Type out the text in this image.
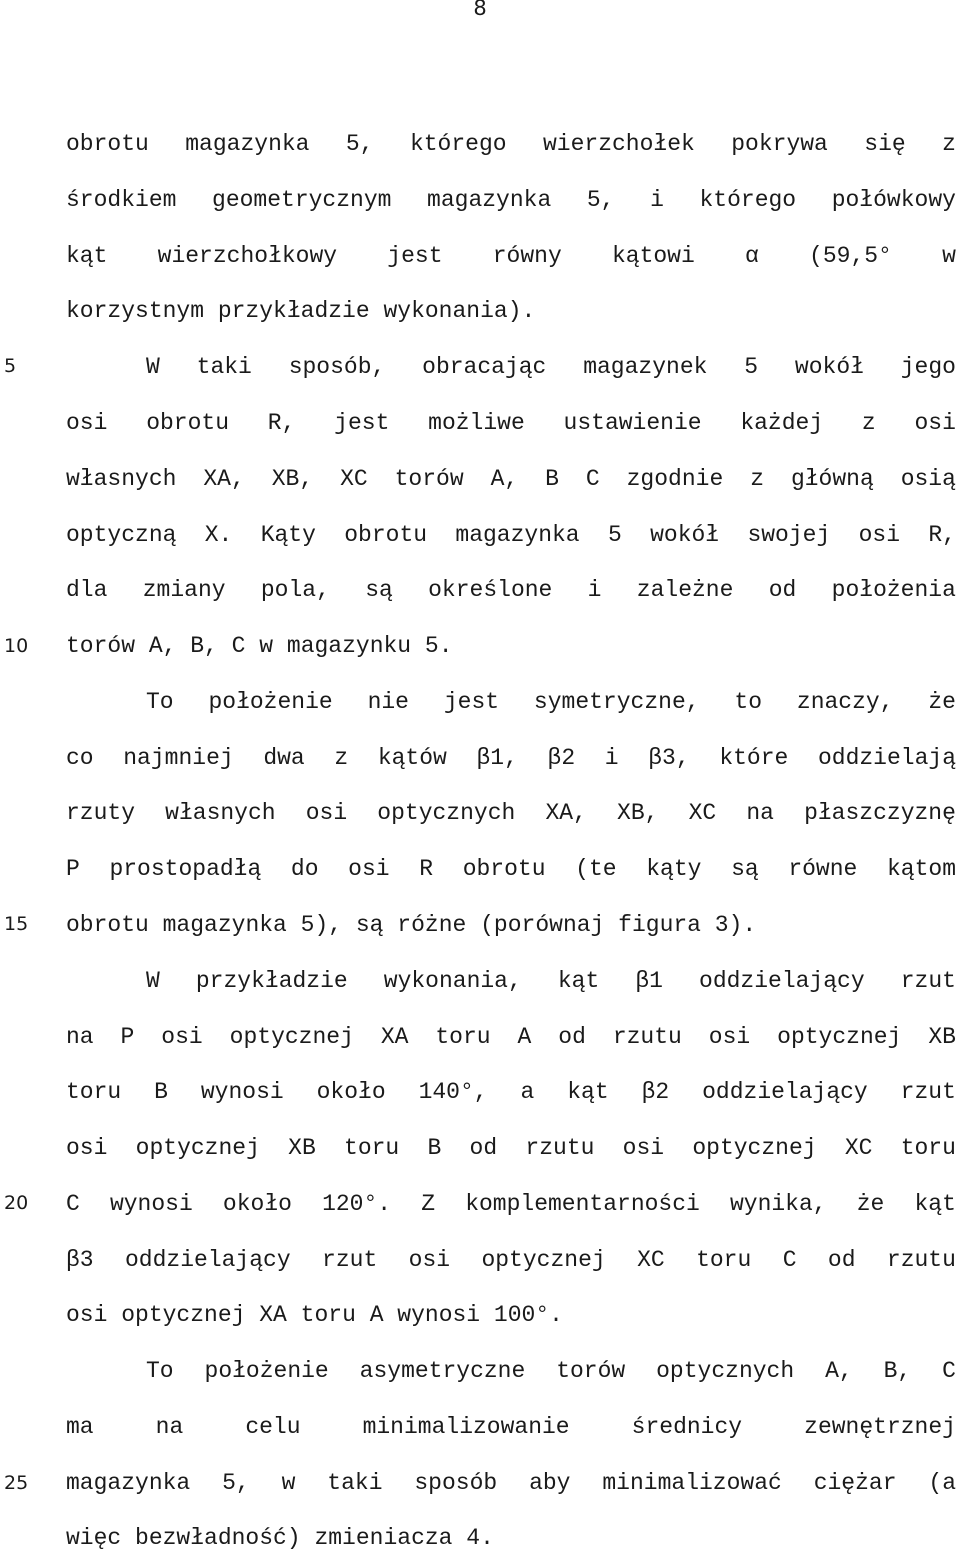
8
5
10
15
20
25
obrotu magazynka 5, którego wierzchołek pokrywa się z
środkiem geometrycznym magazynka 5, i którego połówkowy
kąt wierzchołkowy jest równy kątowi α (59,5° w
korzystnym przykładzie wykonania).
W taki sposób, obracając magazynek 5 wokół jego
osi obrotu R, jest możliwe ustawienie każdej z osi
własnych XA, XB, XC torów A, B C zgodnie z główną osią
optyczną X. Kąty obrotu magazynka 5 wokół swojej osi R,
dla zmiany pola, są określone i zależne od położenia
torów A, B, C w magazynku 5.
To położenie nie jest symetryczne, to znaczy, że
co najmniej dwa z kątów β1, β2 i β3, które oddzielają
rzuty własnych osi optycznych XA, XB, XC na płaszczyznę
P prostopadłą do osi R obrotu (te kąty są równe kątom
obrotu magazynka 5), są różne (porównaj figura 3).
W przykładzie wykonania, kąt β1 oddzielający rzut
na P osi optycznej XA toru A od rzutu osi optycznej XB
toru B wynosi około 140°, a kąt β2 oddzielający rzut
osi optycznej XB toru B od rzutu osi optycznej XC toru
C wynosi około 120°. Z komplementarności wynika, że kąt
β3 oddzielający rzut osi optycznej XC toru C od rzutu
osi optycznej XA toru A wynosi 100°.
To położenie asymetryczne torów optycznych A, B, C
ma	na	celu	minimalizowanie	średnicy	zewnętrznej
magazynka 5, w taki sposób aby minimalizować ciężar (a
więc bezwładność) zmieniacza 4.
